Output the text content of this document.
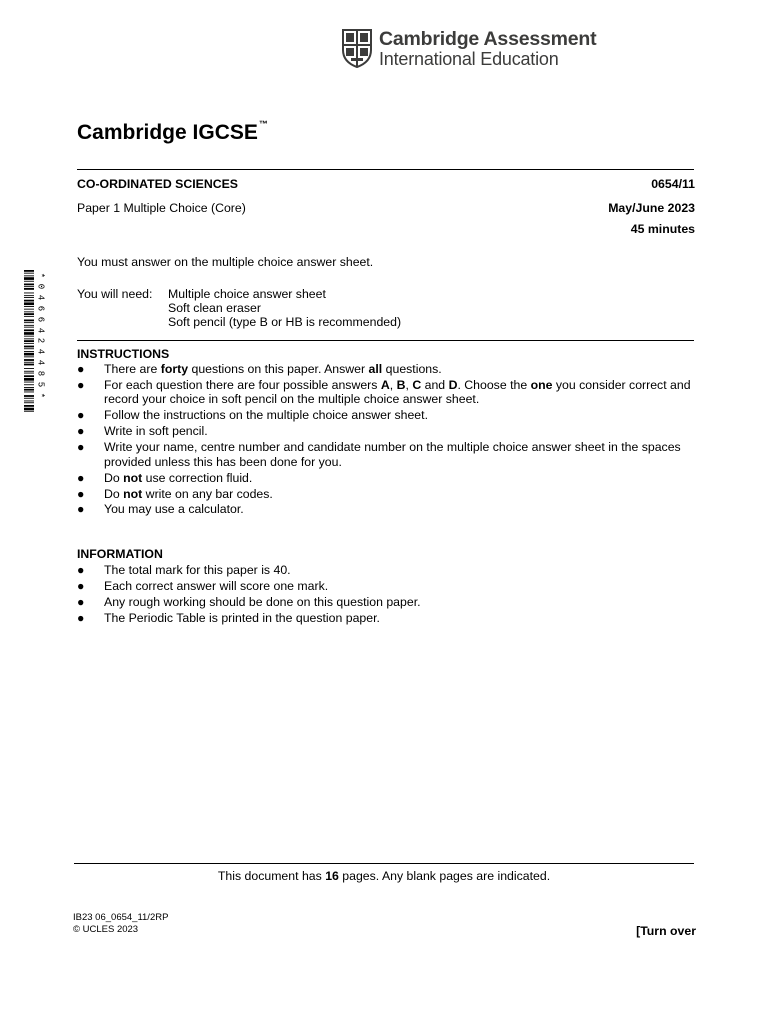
Cambridge Assessment
International Education
Cambridge IGCSE™
CO-ORDINATED SCIENCES	0654/11
Paper 1 Multiple Choice (Core)	May/June 2023
45 minutes
You must answer on the multiple choice answer sheet.
You will need: Multiple choice answer sheet
Soft clean eraser
Soft pencil (type B or HB is recommended)
INSTRUCTIONS
● There are forty questions on this paper. Answer all questions.
● For each question there are four possible answers A, B, C and D. Choose the one you consider correct and record your choice in soft pencil on the multiple choice answer sheet.
● Follow the instructions on the multiple choice answer sheet.
● Write in soft pencil.
● Write your name, centre number and candidate number on the multiple choice answer sheet in the spaces provided unless this has been done for you.
● Do not use correction fluid.
● Do not write on any bar codes.
● You may use a calculator.
INFORMATION
● The total mark for this paper is 40.
● Each correct answer will score one mark.
● Any rough working should be done on this question paper.
● The Periodic Table is printed in the question paper.
This document has 16 pages. Any blank pages are indicated.
IB23 06_0654_11/2RP
© UCLES 2023	[Turn over
*
0
4
6
6
4
2
4
4
8
5
*
